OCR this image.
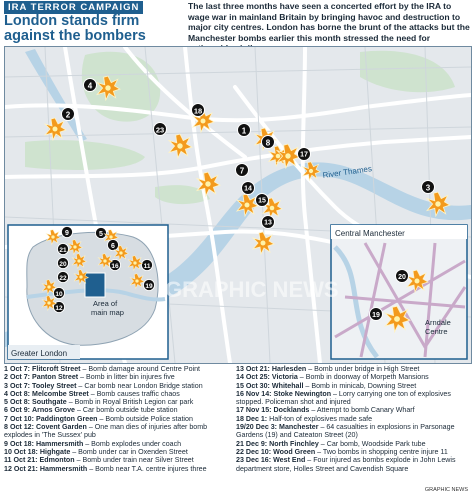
IRA TERROR CAMPAIGN
London stands firm against the bombers
The last three months have seen a concerted effort by the IRA to wage war in mainland Britain by bringing havoc and destruction to major city centres. London has borne the brunt of the attacks but the Manchester bombs earlier this month stressed the need for
River Thames
4
2	18
23	1
8
3
7
14
15
13
17
Area of
main map
Greater London
9	5
6
21
20
22
16	11
10
12
19
Central Manchester
Arndale
Centre
20
19
GRAPHIC NEWS
1 Oct 7: Flitcroft Street – Bomb damage around Centre Point
2 Oct 7: Panton Street – Bomb in litter bin injures five
3 Oct 7: Tooley Street – Car bomb near London Bridge station
4 Oct 8: Melcombe Street – Bomb causes traffic chaos
5 Oct 8: Southgate – Bomb in Royal British Legion car park
6 Oct 9: Arnos Grove – Car bomb outside tube station
7 Oct 10: Paddington Green – Bomb outside Police station
8 Oct 12: Covent Garden – One man dies of injuries after bomb explodes in 'The Sussex' pub
9 Oct 18: Hammersmith – Bomb explodes under coach
10 Oct 18: Highgate – Bomb under car in Oxenden Street
11 Oct 21: Edmonton – Bomb under train near Silver Street
12 Oct 21: Hammersmith – Bomb near T.A. centre injures three
13 Oct 21: Harlesden – Bomb under bridge in High Street
14 Oct 25: Victoria – Bomb in doorway of Morpeth Mansions
15 Oct 30: Whitehall – Bomb in minicab, Downing Street
16 Nov 14: Stoke Newington – Lorry carrying one ton of explosives stopped. Policeman shot and injured
17 Nov 15: Docklands – Attempt to bomb Canary Wharf
18 Dec 1: Half-ton of explosives made safe
19/20 Dec 3: Manchester – 64 casualties in explosions in Parsonage Gardens (19) and Cateaton Street (20)
21 Dec 9: North Finchley – Car bomb, Woodside Park tube
22 Dec 10: Wood Green – Two bombs in shopping centre injure 11
23 Dec 16: West End – Four injured as bombs explode in John Lewis department store, Holles Street and Cavendish Square
GRAPHIC NEWS
